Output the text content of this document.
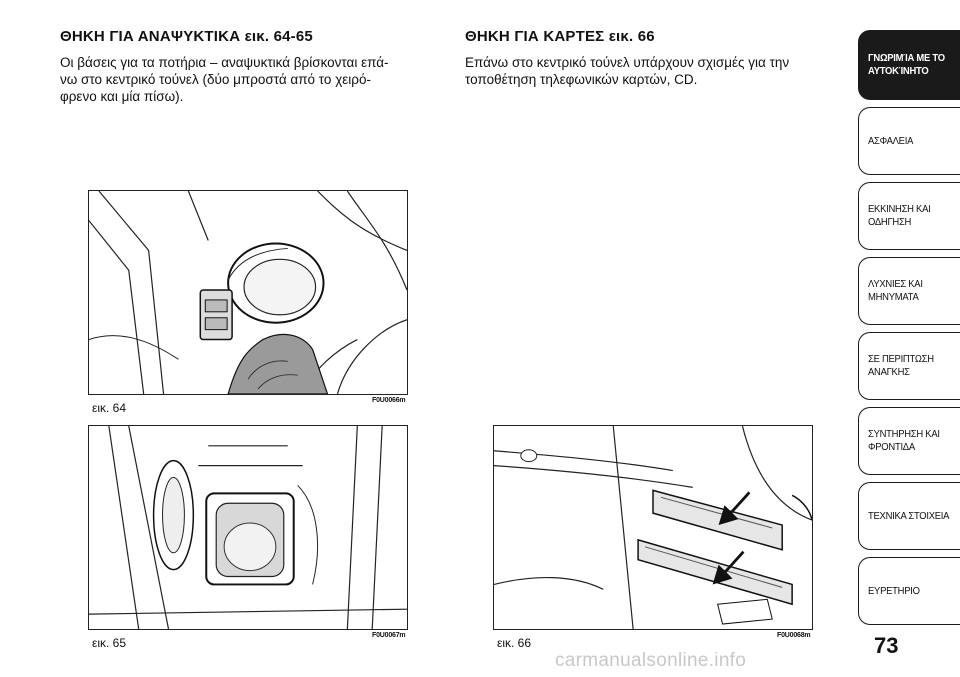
ΘΗΚΗ ΓΙΑ ΑΝΑΨΥΚΤΙΚΑ εικ. 64-65
Οι βάσεις για τα ποτήρια – αναψυκτικά βρίσκονται επά-
νω στο κεντρικό τούνελ (δύο μπροστά από το χειρό-
φρενο και μία πίσω).
ΘΗΚΗ ΓΙΑ ΚΑΡΤΕΣ εικ. 66
Επάνω στο κεντρικό τούνελ υπάρχουν σχισμές για την
τοποθέτηση τηλεφωνικών καρτών, CD.
εικ. 64
F0U0066m
εικ. 65
F0U0067m
εικ. 66
F0U0068m
ΓΝΩΡΙΜΊΑ ΜΕ ΤΟ
ΑΥΤΟΚΊΝΗΤΟ
ΑΣΦΑΛΕΙΑ
ΕΚΚΙΝΗΣΗ ΚΑΙ
ΟΔΗΓΗΣΗ
ΛΥΧΝΙΕΣ ΚΑΙ
ΜΗΝΥΜΑΤΑ
ΣΕ ΠΕΡΙΠΤΩΣΗ
ΑΝΑΓΚΗΣ
ΣΥΝΤΗΡΗΣΗ ΚΑΙ
ΦΡΟΝΤΙΔΑ
ΤΕΧΝΙΚΑ ΣΤΟΙΧΕΙΑ
ΕΥΡΕΤΗΡΙΟ
73
carmanualsonline.info
